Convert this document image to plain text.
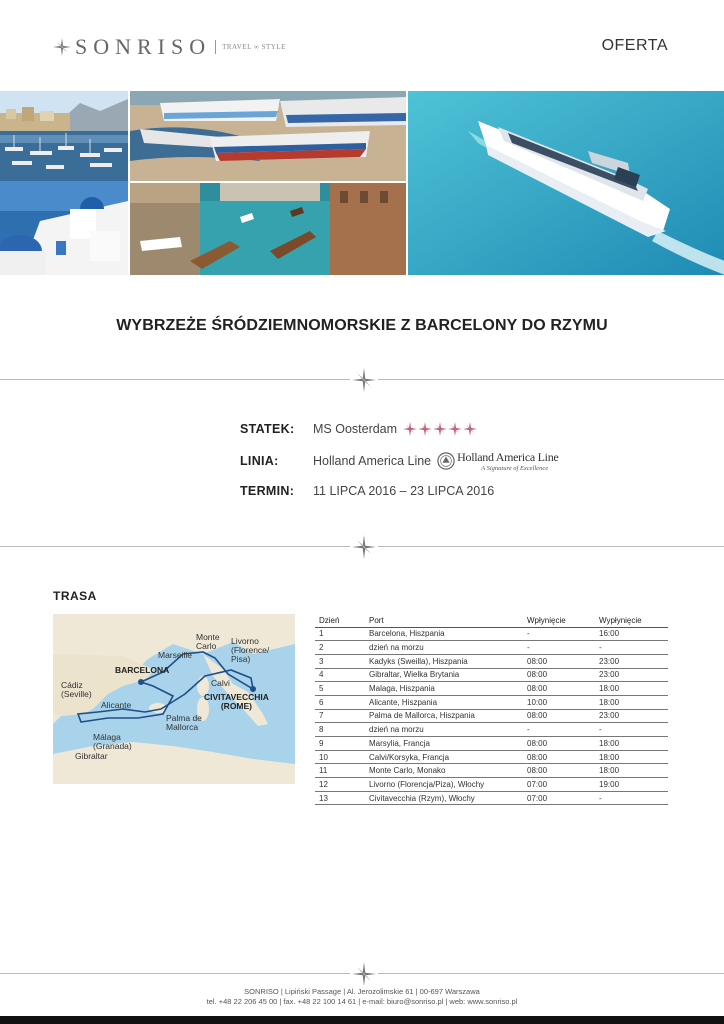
SONRISO TRAVEL ∞ STYLE	OFERTA
WYBRZEŻE ŚRÓDZIEMNOMORSKIE Z BARCELONY DO RZYMU
STATEK:	MS Oosterdam
LINIA:	Holland America Line Holland America Line
A Signature of Excellence
TERMIN:	11 LIPCA 2016 – 23 LIPCA 2016
TRASA
Monte
Carlo	Livorno
(Florence/
Pisa)
Marseille
BARCELONA
Calvi
CIVITAVECCHIA
(ROME)
Cádiz
(Seville)
Alicante
Palma de
Mallorca
Málaga
(Granada)
Gibraltar
Dzień	Port	Wpłynięcie	Wypłynięcie
1	Barcelona, Hiszpania	-	16:00
2	dzień na morzu	-	-
3	Kadyks (Sweilla), Hiszpania	08:00	23:00
4	Gibraltar, Wielka Brytania	08:00	23:00
5	Malaga, Hiszpania	08:00	18:00
6	Alicante, Hiszpania	10:00	18:00
7	Palma de Mallorca, Hiszpania	08:00	23:00
8	dzień na morzu	-	-
9	Marsylia, Francja	08:00	18:00
10	Calvi/Korsyka, Francja	08:00	18:00
11	Monte Carlo, Monako	08:00	18:00
12	Livorno (Florencja/Piza), Włochy	07:00	19:00
13	Civitavecchia (Rzym), Włochy	07:00	-
SONRISO | Lipiński Passage | Al. Jerozolimskie 61 | 00-697 Warszawa
tel. +48 22 206 45 00 | fax. +48 22 100 14 61 | e-mail: biuro@sonriso.pl | web: www.sonriso.pl
